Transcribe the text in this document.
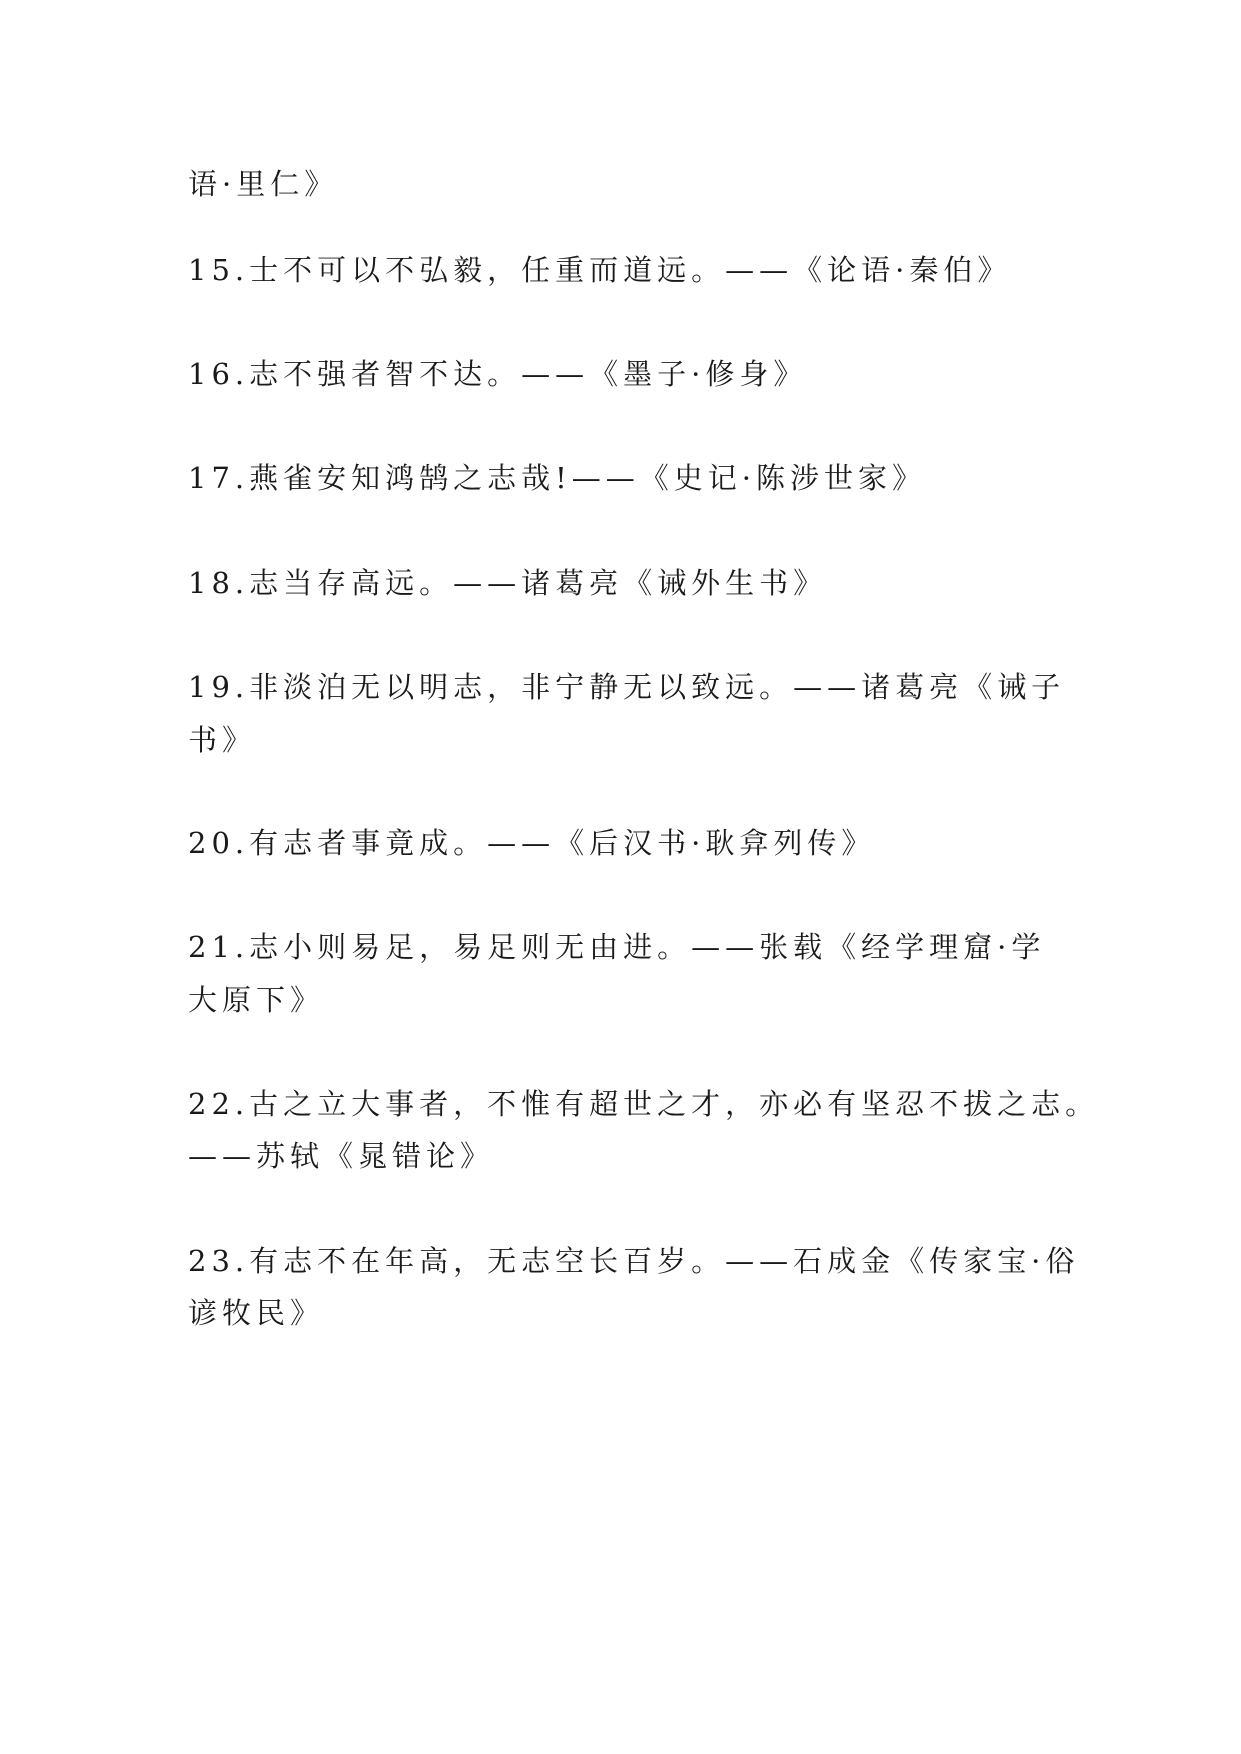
语·里仁》

15.士不可以不弘毅，任重而道远。——《论语·秦伯》

16.志不强者智不达。——《墨子·修身》

17.燕雀安知鸿鹄之志哉!——《史记·陈涉世家》

18.志当存高远。——诸葛亮《诫外生书》

19.非淡泊无以明志，非宁静无以致远。——诸葛亮《诫子

书》

20.有志者事竟成。——《后汉书·耿弇列传》

21.志小则易足，易足则无由进。——张载《经学理窟·学

大原下》

22.古之立大事者，不惟有超世之才，亦必有坚忍不拔之志。

——苏轼《晁错论》

23.有志不在年高，无志空长百岁。——石成金《传家宝·俗

谚牧民》
